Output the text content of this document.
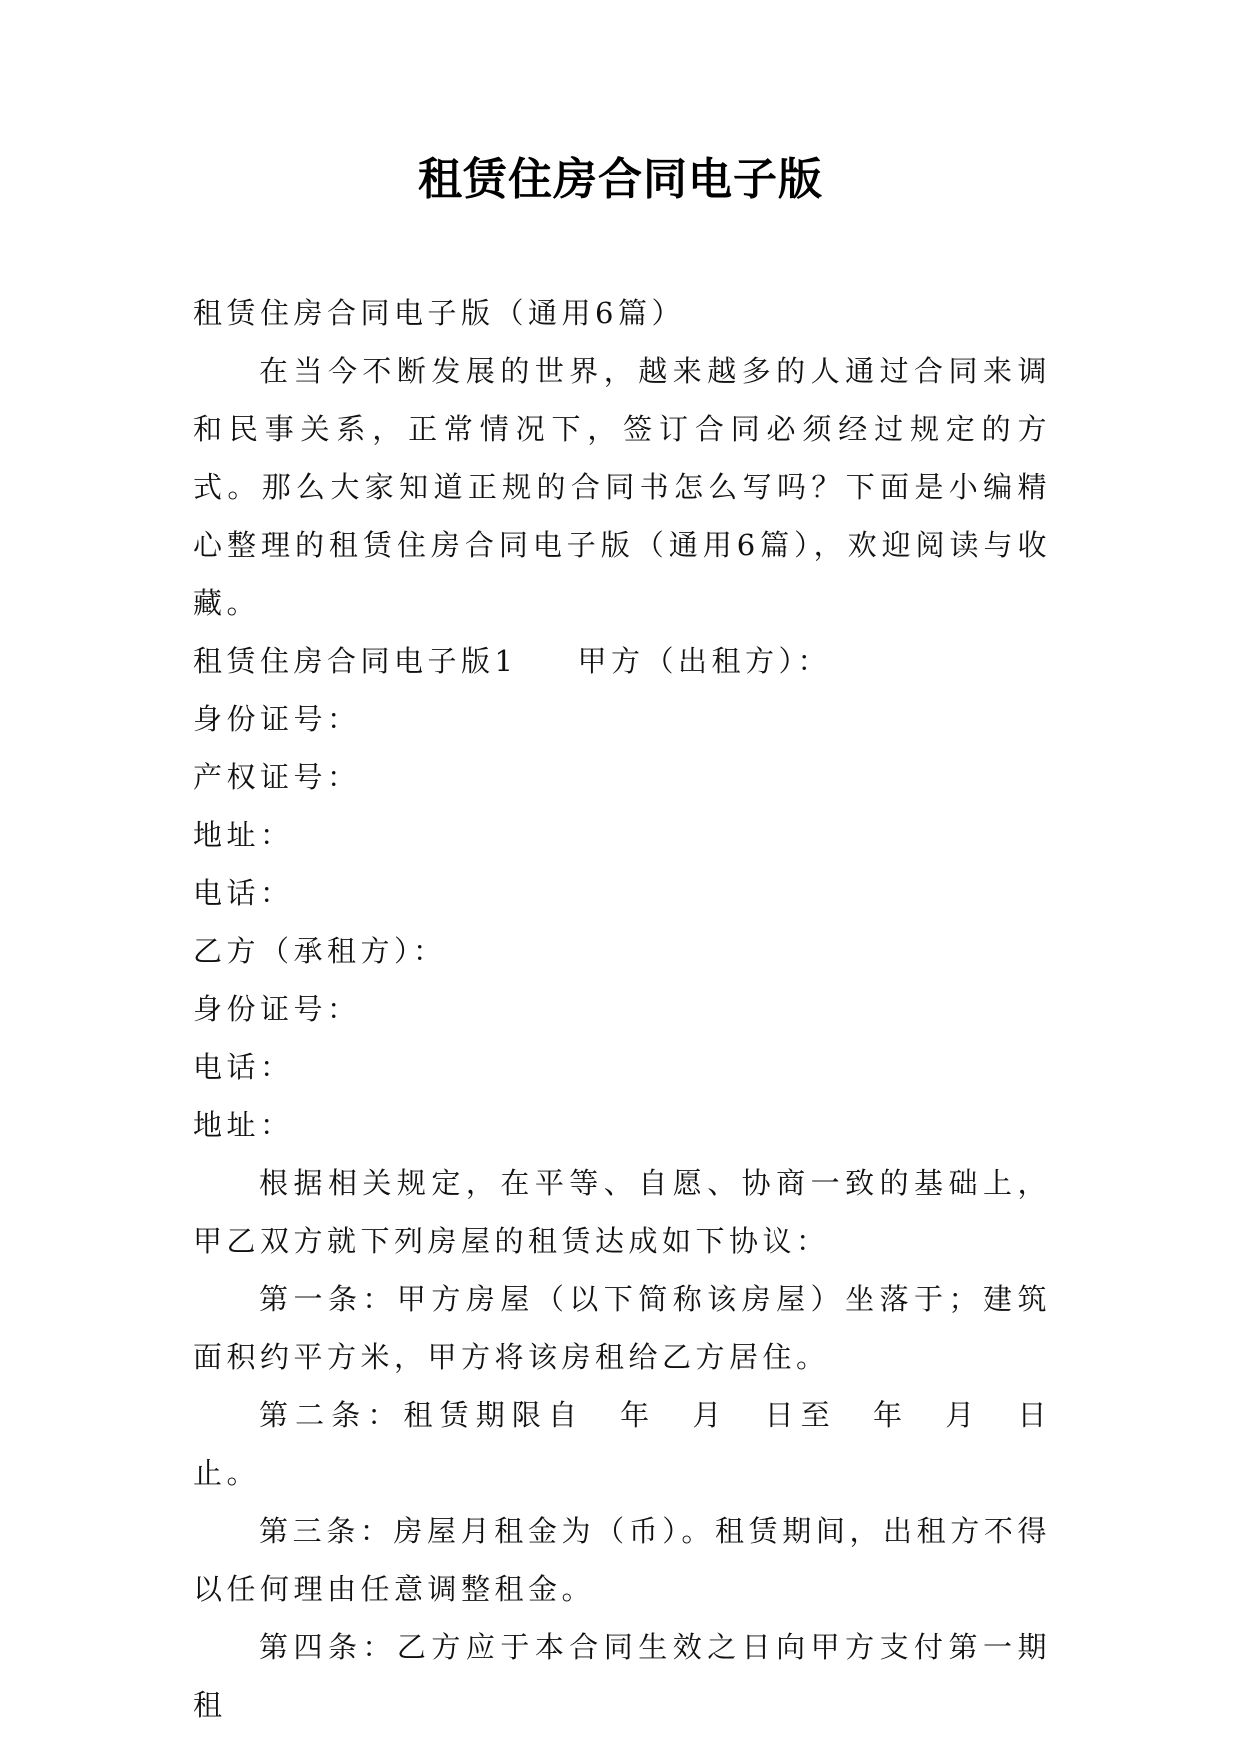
租赁住房合同电子版

租赁住房合同电子版（通用6篇）

在当今不断发展的世界，越来越多的人通过合同来调和民事关系，正常情况下，签订合同必须经过规定的方式。那么大家知道正规的合同书怎么写吗？下面是小编精心整理的租赁住房合同电子版（通用6篇），欢迎阅读与收藏。

租赁住房合同电子版1 甲方（出租方）：

身份证号：

产权证号：

地址：

电话：

乙方（承租方）：

身份证号：

电话：

地址：

根据相关规定，在平等、自愿、协商一致的基础上，甲乙双方就下列房屋的租赁达成如下协议：

第一条：甲方房屋（以下简称该房屋）坐落于；建筑面积约平方米，甲方将该房租给乙方居住。

第二条：租赁期限自　年　月　日至　年　月　日止。

第三条：房屋月租金为（币）。租赁期间，出租方不得以任何理由任意调整租金。

第四条：乙方应于本合同生效之日向甲方支付第一期租
